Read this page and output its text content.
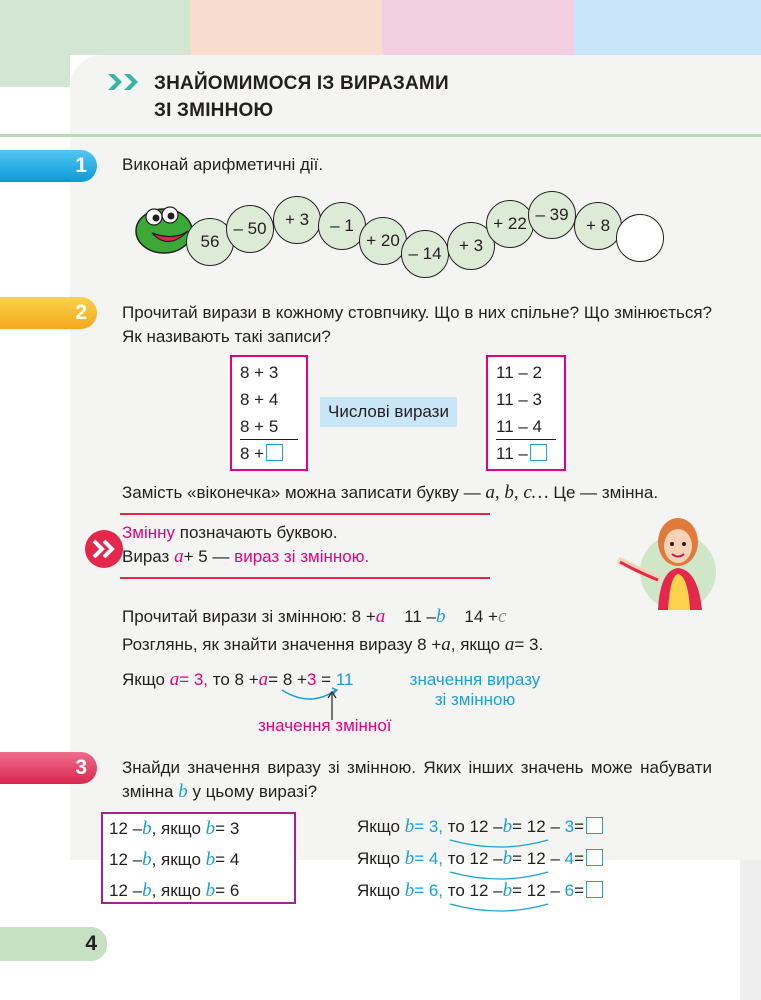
ЗНАЙОМИМОСЯ ІЗ ВИРАЗАМИ
ЗІ ЗМІННОЮ
1	Виконай арифметичні дії.
56
– 50	+ 3	– 1
+ 20
– 14	+ 3
+ 22 – 39
+ 8
2	Прочитай вирази в кожному стовпчику. Що в них спільне? Що змінюється? Як називають такі записи?
8 + 3
8 + 4
8 + 5
8 +
Числові вирази
11 – 2
11 – 3
11 – 4
11 –
Замість «віконечка» можна записати букву — a, b, c… Це — змінна.
Змінну позначають буквою.
Вираз a+ 5 — вираз зі змінною.
Прочитай вирази зі змінною: 8 +a 11 –b 14 +c
Розглянь, як знайти значення виразу 8 +a, якщо a= 3.
Якщо a= 3, то 8 +a= 8 +3 = 11	значення виразу
зі змінною
значення змінної
3	Знайди значення виразу зі змінною. Яких інших значень може набувати змінна b у цьому виразі?
12 –b, якщо b= 3
12 –b, якщо b= 4
12 –b, якщо b= 6
Якщо b= 3, то 12 –b= 12 – 3=
Якщо b= 4, то 12 –b= 12 – 4=
Якщо b= 6, то 12 –b= 12 – 6=
4
